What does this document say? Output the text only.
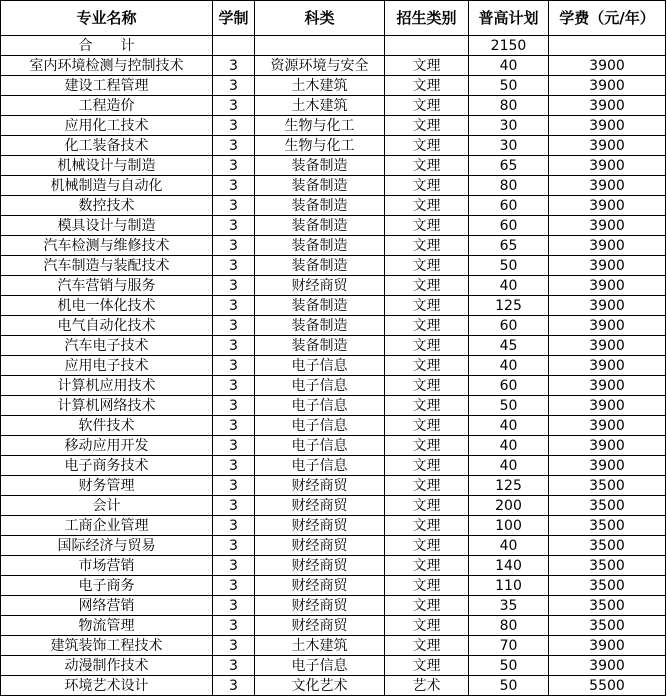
专业名称	学制	科类	招生类别	普高计划	学费（元/年）
合　　计				2150	
室内环境检测与控制技术	3	资源环境与安全	文理	40	3900
建设工程管理	3	土木建筑	文理	50	3900
工程造价	3	土木建筑	文理	80	3900
应用化工技术	3	生物与化工	文理	30	3900
化工装备技术	3	生物与化工	文理	30	3900
机械设计与制造	3	装备制造	文理	65	3900
机械制造与自动化	3	装备制造	文理	80	3900
数控技术	3	装备制造	文理	60	3900
模具设计与制造	3	装备制造	文理	60	3900
汽车检测与维修技术	3	装备制造	文理	65	3900
汽车制造与装配技术	3	装备制造	文理	50	3900
汽车营销与服务	3	财经商贸	文理	40	3900
机电一体化技术	3	装备制造	文理	125	3900
电气自动化技术	3	装备制造	文理	60	3900
汽车电子技术	3	装备制造	文理	45	3900
应用电子技术	3	电子信息	文理	40	3900
计算机应用技术	3	电子信息	文理	60	3900
计算机网络技术	3	电子信息	文理	50	3900
软件技术	3	电子信息	文理	40	3900
移动应用开发	3	电子信息	文理	40	3900
电子商务技术	3	电子信息	文理	40	3900
财务管理	3	财经商贸	文理	125	3500
会计	3	财经商贸	文理	200	3500
工商企业管理	3	财经商贸	文理	100	3500
国际经济与贸易	3	财经商贸	文理	40	3500
市场营销	3	财经商贸	文理	140	3500
电子商务	3	财经商贸	文理	110	3500
网络营销	3	财经商贸	文理	35	3500
物流管理	3	财经商贸	文理	80	3500
建筑装饰工程技术	3	土木建筑	文理	70	3900
动漫制作技术	3	电子信息	文理	50	3900
环境艺术设计	3	文化艺术	艺术	50	5500
